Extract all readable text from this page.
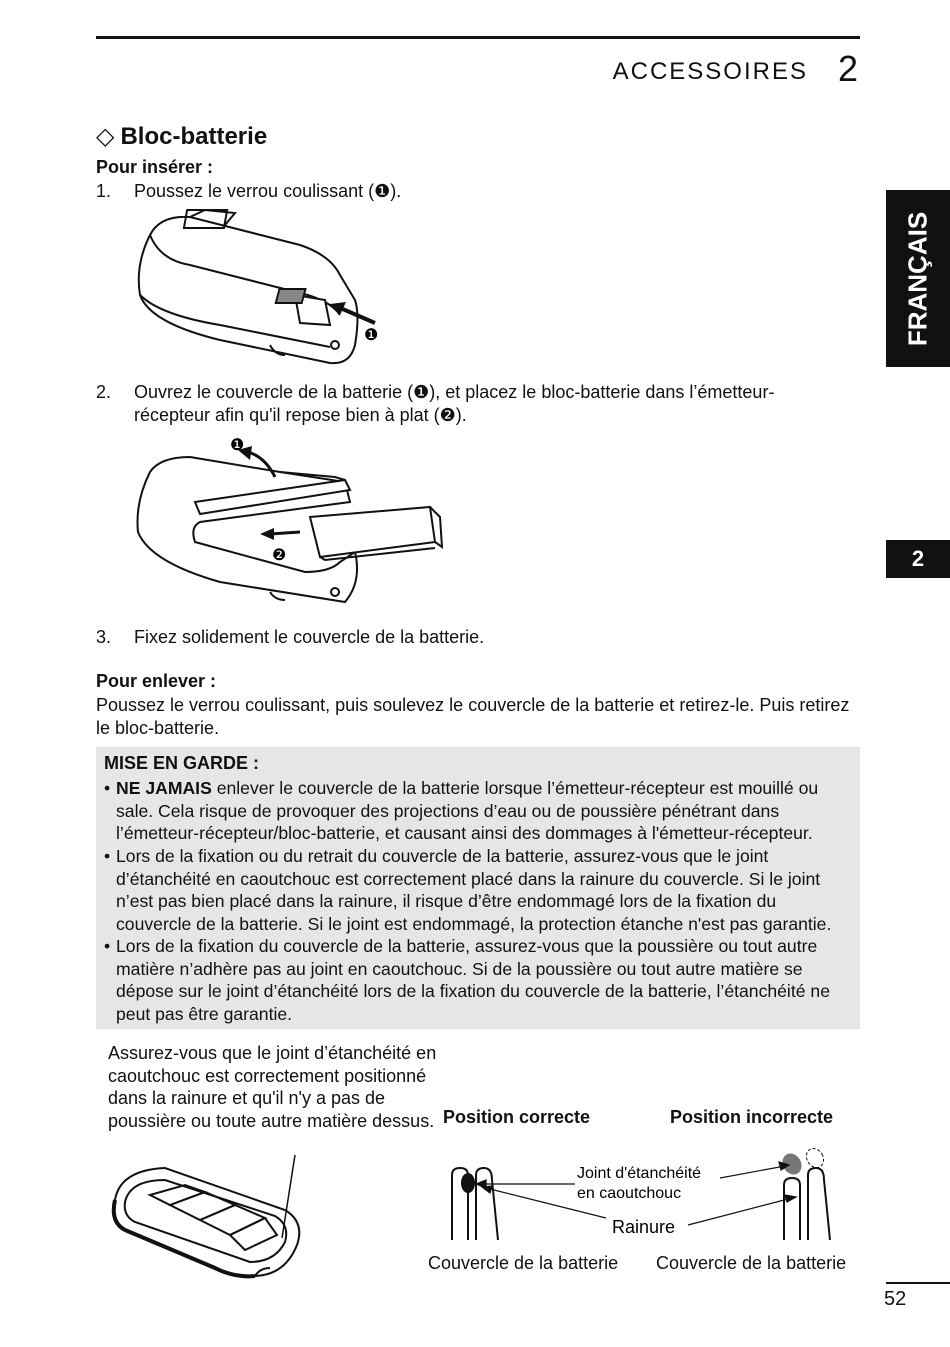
ACCESSOIRES 2
FRANÇAIS
2
◇ Bloc-batterie
Pour insérer :
1. Poussez le verrou coulissant (❶).
❶
2. Ouvrez le couvercle de la batterie (❶), et placez le bloc-batterie dans l’émetteur-récepteur afin qu'il repose bien à plat (❷).
❶
❷
3. Fixez solidement le couvercle de la batterie.
Pour enlever :
Poussez le verrou coulissant, puis soulevez le couvercle de la batterie et retirez-le. Puis retirez le bloc-batterie.
MISE EN GARDE :
• NE JAMAIS enlever le couvercle de la batterie lorsque l’émetteur-récepteur est mouillé ou sale. Cela risque de provoquer des projections d’eau ou de poussière pénétrant dans l’émetteur-récepteur/bloc-batterie, et causant ainsi des dommages à l'émetteur-récepteur.
• Lors de la fixation ou du retrait du couvercle de la batterie, assurez-vous que le joint d’étanchéité en caoutchouc est correctement placé dans la rainure du couvercle. Si le joint n’est pas bien placé dans la rainure, il risque d’être endommagé lors de la fixation du couvercle de la batterie. Si le joint est endommagé, la protection étanche n'est pas garantie.
• Lors de la fixation du couvercle de la batterie, assurez-vous que la poussière ou tout autre matière n’adhère pas au joint en caoutchouc. Si de la poussière ou tout autre matière se dépose sur le joint d’étanchéité lors de la fixation du couvercle de la batterie, l’étanchéité ne peut pas être garantie.
Assurez-vous que le joint d’étanchéité en caoutchouc est correctement positionné dans la rainure et qu'il n'y a pas de poussière ou toute autre matière dessus. Position correcte	Position incorrecte
Joint d'étanchéité
en caoutchouc
Rainure
Couvercle de la batterie Couvercle de la batterie
52
